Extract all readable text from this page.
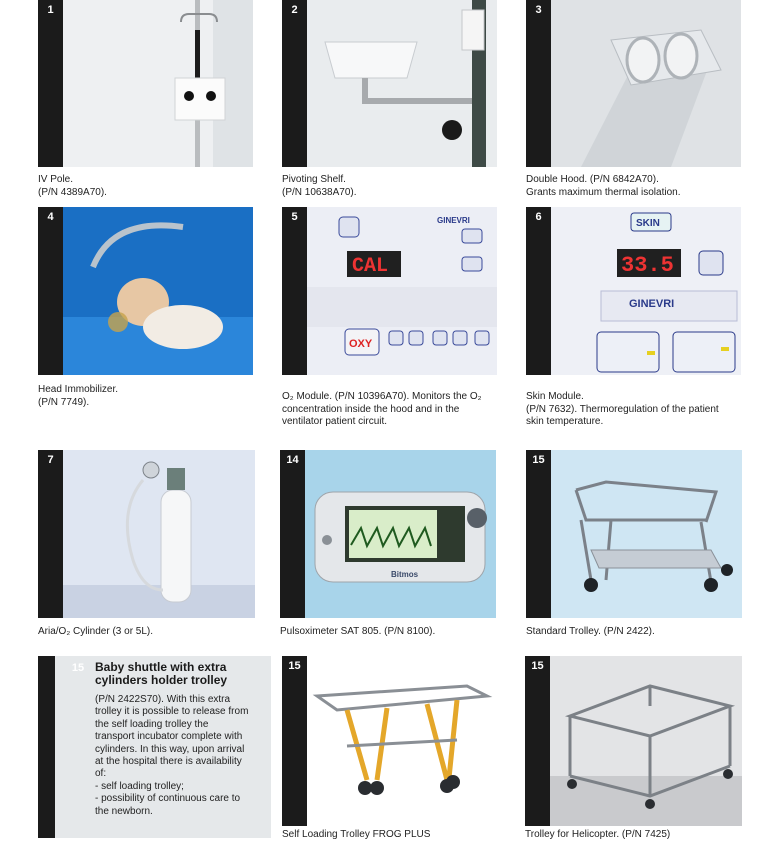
1
IV Pole.
(P/N 4389A70).
2
Pivoting Shelf.
(P/N 10638A70).
3
Double Hood. (P/N 6842A70).
Grants maximum thermal isolation.
4
Head Immobilizer.
(P/N 7749).
5	GINEVRI
CAL
OXY
O₂ Module. (P/N 10396A70). Monitors the O₂
concentration inside the hood and in the
ventilator patient circuit.
6
SKIN
33.5
GINEVRI
Skin Module.
(P/N 7632). Thermoregulation of the patient
skin temperature.
7
Aria/O₂ Cylinder (3 or 5L).
14
Bitmos
Pulsoximeter SAT 805. (P/N 8100).
15
Standard Trolley. (P/N 2422).
15 Baby shuttle with extra cylinders holder trolley
(P/N 2422S70). With this extra
trolley it is possible to release from
the self loading trolley the
transport incubator complete with
cylinders. In this way, upon arrival
at the hospital there is availability
of:
- self loading trolley;
- possibility of continuous care to
the newborn.
15
Self Loading Trolley FROG PLUS
15
Trolley for Helicopter. (P/N 7425)
